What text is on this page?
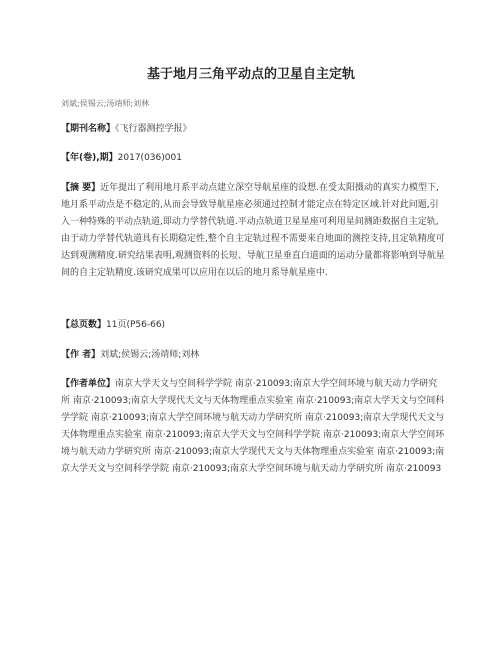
基于地月三角平动点的卫星自主定轨
刘斌;侯锡云;汤靖师;刘林
【期刊名称】《飞行器测控学报》
【年(卷),期】2017(036)001
【摘 要】近年提出了利用地月系平动点建立深空导航星座的设想.在受太阳摄动的真实力模型下,地月系平动点是不稳定的,从而会导致导航星座必须通过控制才能定点在特定区域.针对此问题,引入一种特殊的平动点轨道,即动力学替代轨道.平动点轨道卫星星座可利用星间测距数据自主定轨,由于动力学替代轨道具有长期稳定性,整个自主定轨过程不需要来自地面的测控支持,且定轨精度可达到观测精度.研究结果表明,观测资料的长短、导航卫星垂直白道面的运动分量都将影响到导航星间的自主定轨精度.该研究成果可以应用在以后的地月系导航星座中.
【总页数】11页(P56-66)
【作 者】刘斌;侯锡云;汤靖师;刘林
【作者单位】南京大学天文与空间科学学院 南京·210093;南京大学空间环境与航天动力学研究所 南京·210093;南京大学现代天文与天体物理重点实验室 南京·210093;南京大学天文与空间科学学院 南京·210093;南京大学空间环境与航天动力学研究所 南京·210093;南京大学现代天文与天体物理重点实验室 南京·210093;南京大学天文与空间科学学院 南京·210093;南京大学空间环境与航天动力学研究所 南京·210093;南京大学现代天文与天体物理重点实验室 南京·210093;南京大学天文与空间科学学院 南京·210093;南京大学空间环境与航天动力学研究所 南京·210093
